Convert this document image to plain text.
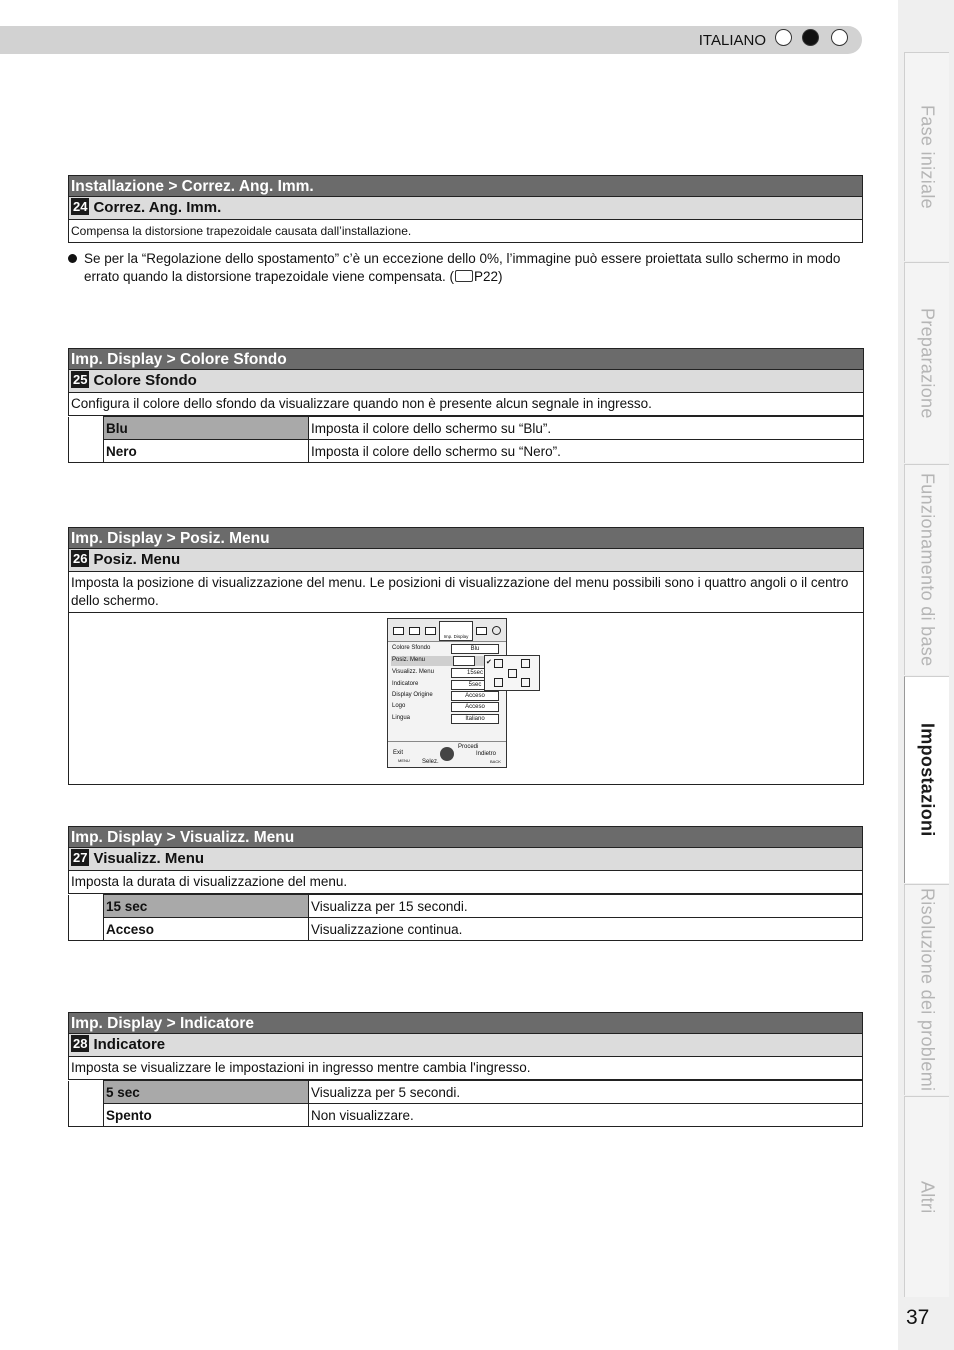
ITALIANO
Fase iniziale
Preparazione
Funzionamento di base
Impostazioni
Risoluzione dei problemi
Altri
37
Installazione > Correz. Ang. Imm.
24 Correz. Ang. Imm.
Compensa la distorsione trapezoidale causata dall’installazione.
Se per la “Regolazione dello spostamento” c’è un eccezione dello 0%, l’immagine può essere proiettata sullo schermo in modo errato quando la distorsione trapezoidale viene compensata. ( P22)
Imp. Display > Colore Sfondo
25 Colore Sfondo
Configura il colore dello sfondo da visualizzare quando non è presente alcun segnale in ingresso.
	Blu	Imposta il colore dello schermo su “Blu”.
	Nero	Imposta il colore dello schermo su “Nero”.
Imp. Display > Posiz. Menu
26 Posiz. Menu
Imposta la posizione di visualizzazione del menu. Le posizioni di visualizzazione del menu possibili sono i quattro angoli o il centro dello schermo.
Imp. Display
Colore Sfondo	Blu
Posiz. Menu
Visualizz. Menu	15sec
Indicatore	5sec
Display Origine	Acceso
Logo	Acceso
Lingua	Italiano
Exit
MENU Selez.
Procedi
Indietro
BACK
✔
Imp. Display > Visualizz. Menu
27 Visualizz. Menu
Imposta la durata di visualizzazione del menu.
	15 sec	Visualizza per 15 secondi.
	Acceso	Visualizzazione continua.
Imp. Display > Indicatore
28 Indicatore
Imposta se visualizzare le impostazioni in ingresso mentre cambia l'ingresso.
	5 sec	Visualizza per 5 secondi.
	Spento	Non visualizzare.
